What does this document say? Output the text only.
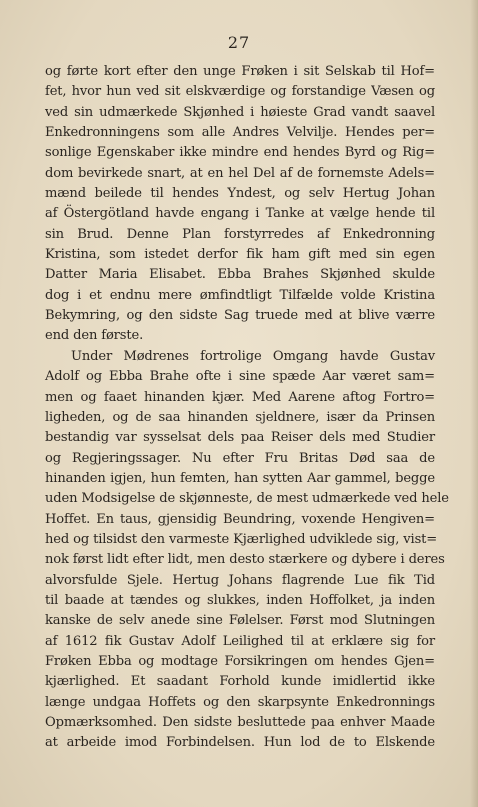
27
og førte kort efter den unge Frøken i sit Selskab til Hof=
fet, hvor hun ved sit elskværdige og forstandige Væsen og
ved sin udmærkede Skjønhed i høieste Grad vandt saavel
Enkedronningens som alle Andres Velvilje. Hendes per=
sonlige Egenskaber ikke mindre end hendes Byrd og Rig=
dom bevirkede snart, at en hel Del af de fornemste Adels=
mænd beilede til hendes Yndest, og selv Hertug Johan
af Östergötland havde engang i Tanke at vælge hende til
sin Brud. Denne Plan forstyrredes af Enkedronning
Kristina, som istedet derfor fik ham gift med sin egen
Datter Maria Elisabet. Ebba Brahes Skjønhed skulde
dog i et endnu mere ømfindtligt Tilfælde volde Kristina
Bekymring, og den sidste Sag truede med at blive værre
end den første.
Under Mødrenes fortrolige Omgang havde Gustav
Adolf og Ebba Brahe ofte i sine spæde Aar været sam=
men og faaet hinanden kjær. Med Aarene aftog Fortro=
ligheden, og de saa hinanden sjeldnere, især da Prinsen
bestandig var sysselsat dels paa Reiser dels med Studier
og Regjeringssager. Nu efter Fru Britas Død saa de
hinanden igjen, hun femten, han sytten Aar gammel, begge
uden Modsigelse de skjønneste, de mest udmærkede ved hele
Hoffet. En taus, gjensidig Beundring, voxende Hengiven=
hed og tilsidst den varmeste Kjærlighed udviklede sig, vist=
nok først lidt efter lidt, men desto stærkere og dybere i deres
alvorsfulde Sjele. Hertug Johans flagrende Lue fik Tid
til baade at tændes og slukkes, inden Hoffolket, ja inden
kanske de selv anede sine Følelser. Først mod Slutningen
af 1612 fik Gustav Adolf Leilighed til at erklære sig for
Frøken Ebba og modtage Forsikringen om hendes Gjen=
kjærlighed. Et saadant Forhold kunde imidlertid ikke
længe undgaa Hoffets og den skarpsynte Enkedronnings
Opmærksomhed. Den sidste besluttede paa enhver Maade
at arbeide imod Forbindelsen. Hun lod de to Elskende
